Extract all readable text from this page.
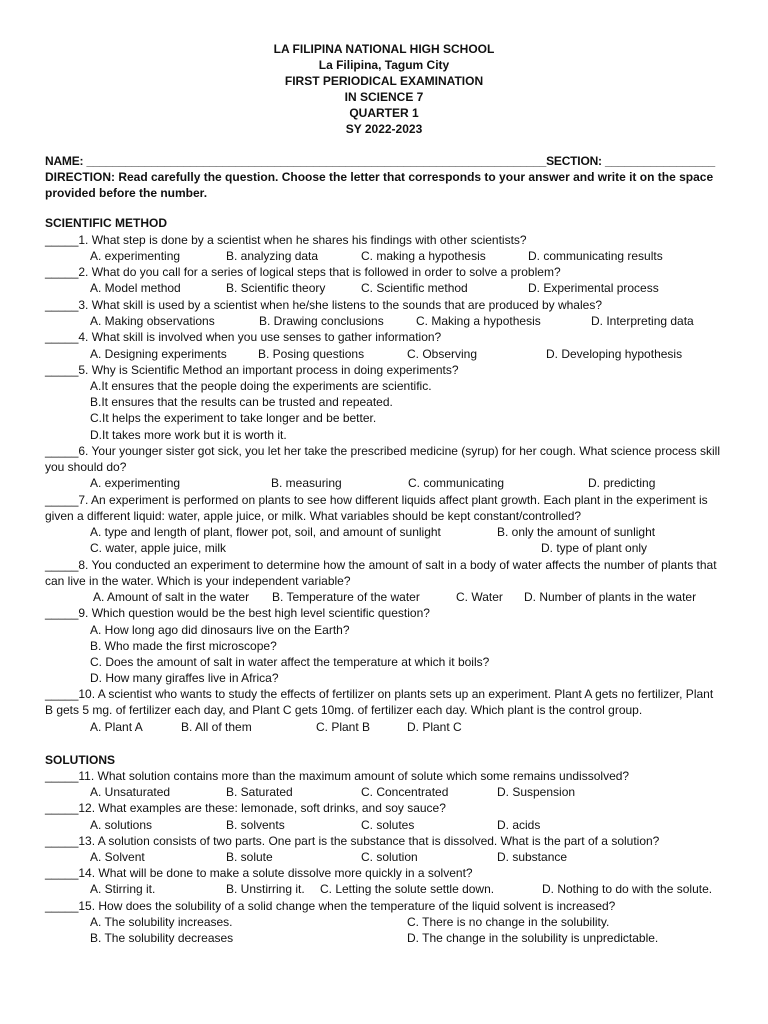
LA FILIPINA NATIONAL HIGH SCHOOL
La Filipina, Tagum City
FIRST PERIODICAL EXAMINATION
IN SCIENCE 7
QUARTER 1
SY 2022-2023
NAME: _______________________________________________________________________SECTION: _________________
DIRECTION: Read carefully the question. Choose the letter that corresponds to your answer and write it on the space provided before the number.
SCIENTIFIC METHOD
_____1. What step is done by a scientist when he shares his findings with other scientists?
A. experimenting	B. analyzing data	C. making a hypothesis	D. communicating results
_____2. What do you call for a series of logical steps that is followed in order to solve a problem?
A. Model method	B. Scientific theory	C. Scientific method	D. Experimental process
_____3. What skill is used by a scientist when he/she listens to the sounds that are produced by whales?
A. Making observations	B. Drawing conclusions	C. Making a hypothesis	D. Interpreting data
_____4. What skill is involved when you use senses to gather information?
A. Designing experiments	B. Posing questions	C. Observing	D. Developing hypothesis
_____5. Why is Scientific Method an important process in doing experiments?
A.It ensures that the people doing the experiments are scientific.
B.It ensures that the results can be trusted and repeated.
C.It helps the experiment to take longer and be better.
D.It takes more work but it is worth it.
_____6. Your younger sister got sick, you let her take the prescribed medicine (syrup) for her cough. What science process skill you should do?
A. experimenting	B. measuring	C. communicating	D. predicting
_____7. An experiment is performed on plants to see how different liquids affect plant growth. Each plant in the experiment is given a different liquid: water, apple juice, or milk. What variables should be kept constant/controlled?
A. type and length of plant, flower pot, soil, and amount of sunlight	B. only the amount of sunlight
C. water, apple juice, milk	D. type of plant only
_____8. You conducted an experiment to determine how the amount of salt in a body of water affects the number of plants that can live in the water. Which is your independent variable?
A. Amount of salt in the water B. Temperature of the water	C. Water D. Number of plants in the water
_____9. Which question would be the best high level scientific question?
A. How long ago did dinosaurs live on the Earth?
B. Who made the first microscope?
C. Does the amount of salt in water affect the temperature at which it boils?
D. How many giraffes live in Africa?
_____10. A scientist who wants to study the effects of fertilizer on plants sets up an experiment. Plant A gets no fertilizer, Plant B gets 5 mg. of fertilizer each day, and Plant C gets 10mg. of fertilizer each day. Which plant is the control group.
A. Plant A	B. All of them	C. Plant B	D. Plant C
SOLUTIONS
_____11. What solution contains more than the maximum amount of solute which some remains undissolved?
A. Unsaturated	B. Saturated	C. Concentrated	D. Suspension
_____12. What examples are these: lemonade, soft drinks, and soy sauce?
A. solutions	B. solvents	C. solutes	D. acids
_____13. A solution consists of two parts. One part is the substance that is dissolved. What is the part of a solution?
A. Solvent	B. solute	C. solution	D. substance
_____14. What will be done to make a solute dissolve more quickly in a solvent?
A. Stirring it.	B. Unstirring it. C. Letting the solute settle down.	D. Nothing to do with the solute.
_____15. How does the solubility of a solid change when the temperature of the liquid solvent is increased?
A. The solubility increases.	C. There is no change in the solubility.
B. The solubility decreases	D. The change in the solubility is unpredictable.
